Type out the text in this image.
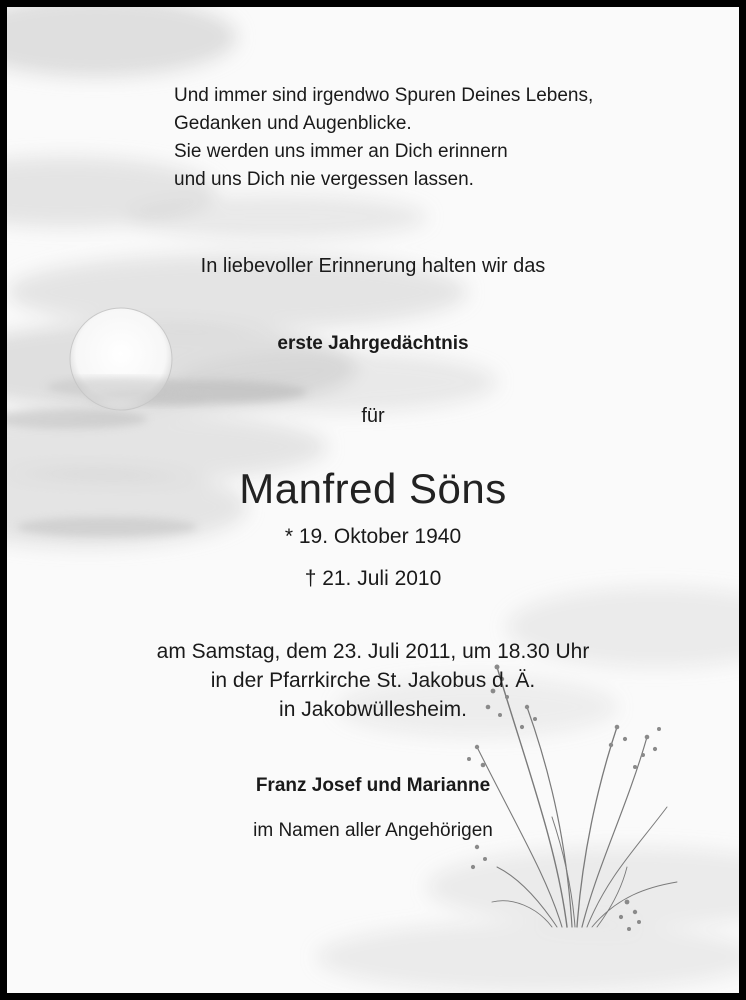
Und immer sind irgendwo Spuren Deines Lebens,
Gedanken und Augenblicke.
Sie werden uns immer an Dich erinnern
und uns Dich nie vergessen lassen.
In liebevoller Erinnerung halten wir das
erste Jahrgedächtnis
für
Manfred Söns
* 19. Oktober 1940
† 21. Juli 2010
am Samstag, dem 23. Juli 2011, um 18.30 Uhr
in der Pfarrkirche St. Jakobus d. Ä.
in Jakobwüllesheim.
Franz Josef und Marianne
im Namen aller Angehörigen
